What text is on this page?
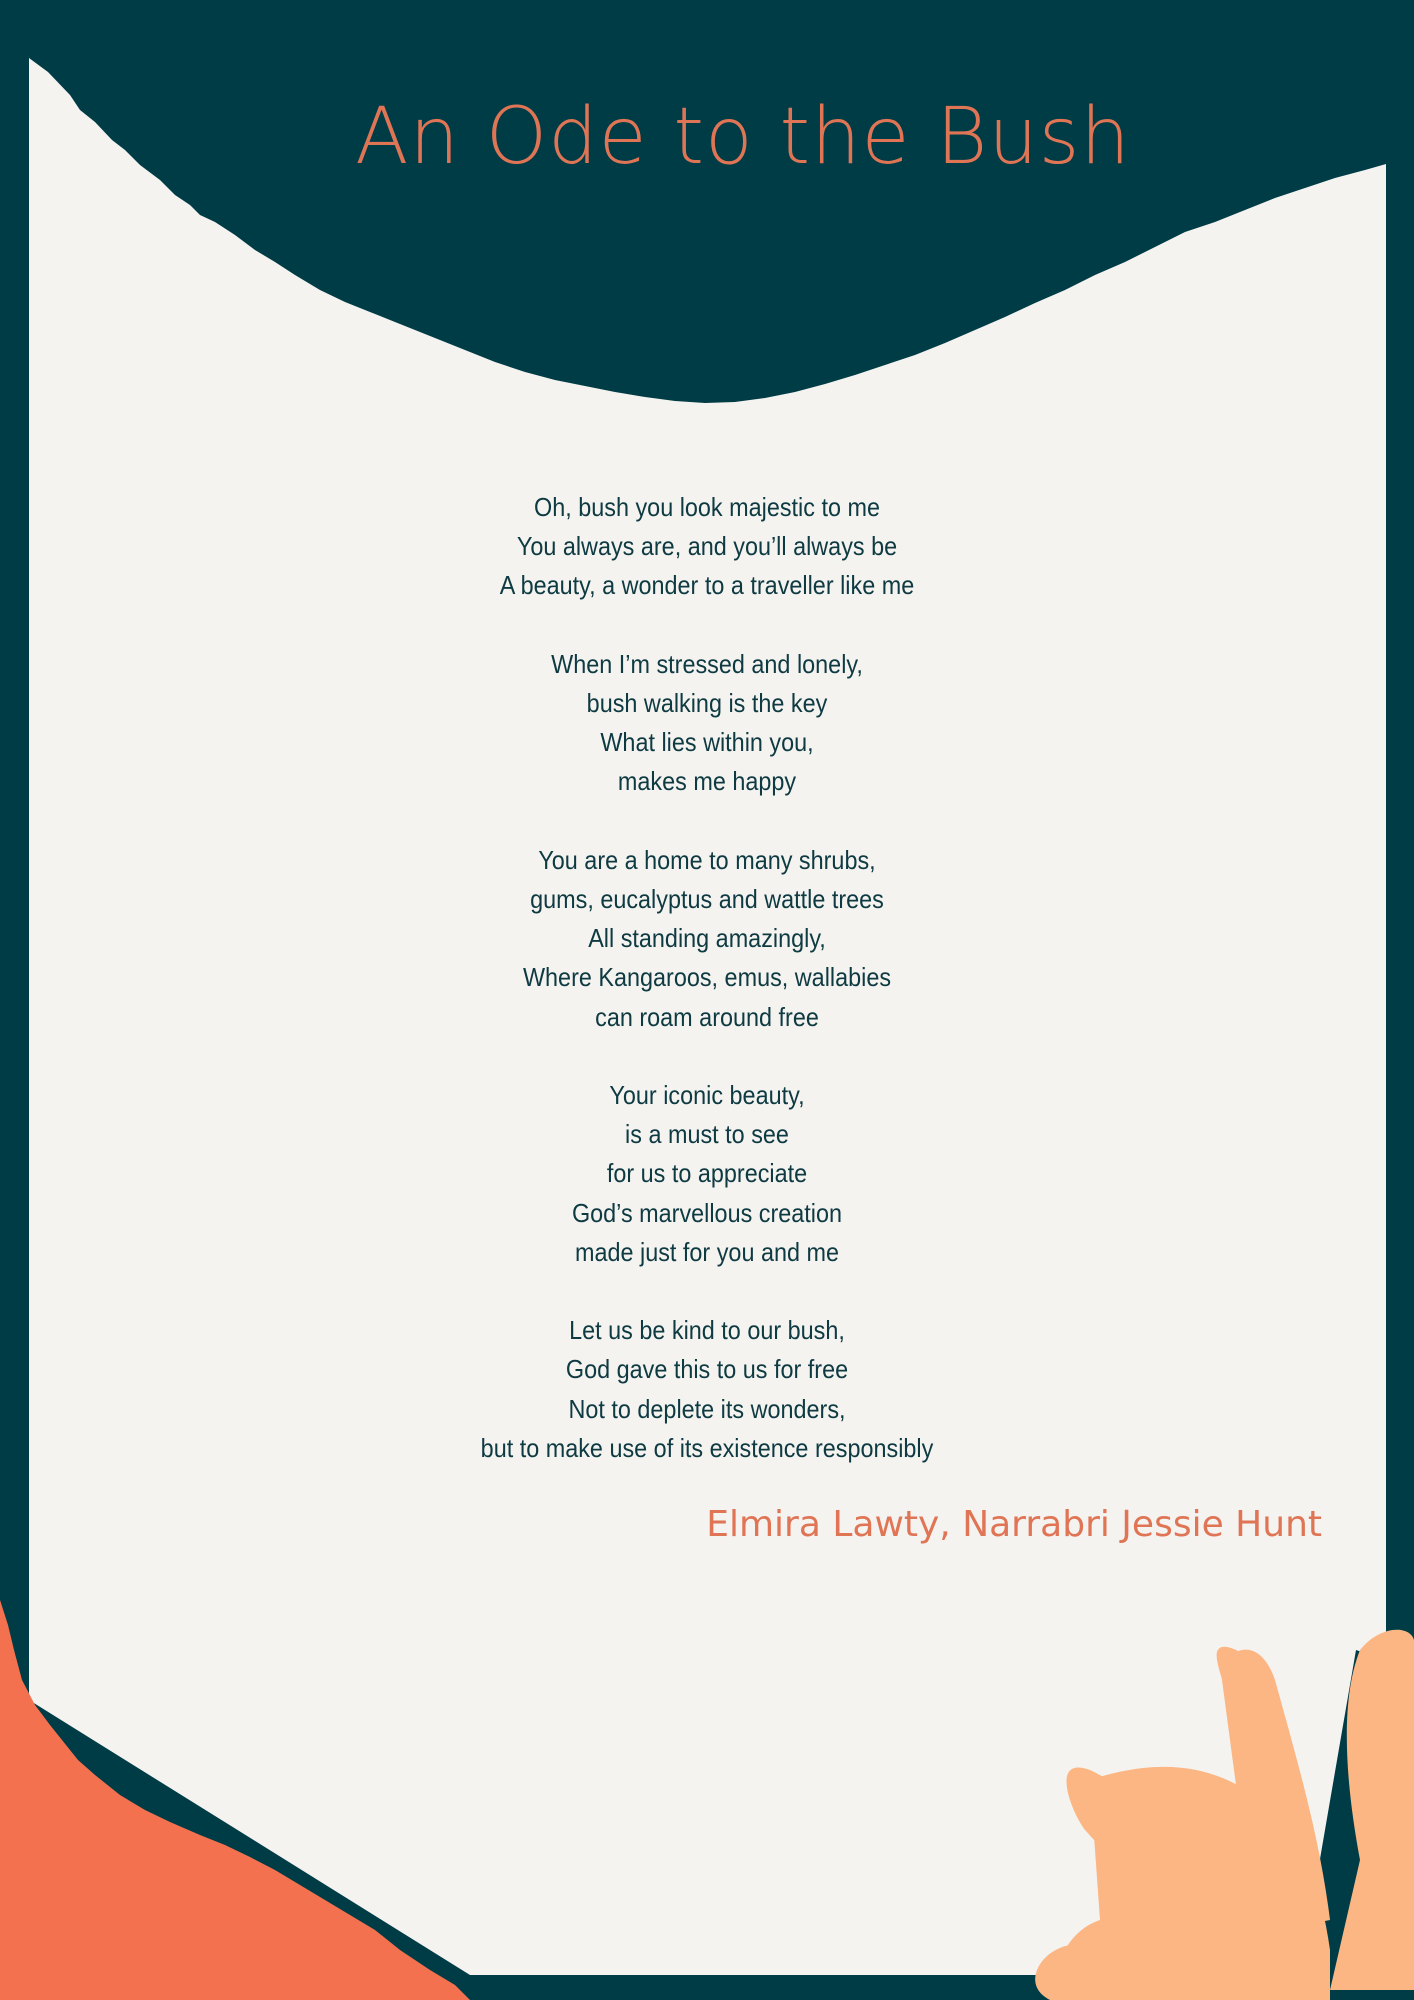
An Ode to the Bush
Oh, bush you look majestic to me
You always are, and you’ll always be
A beauty, a wonder to a traveller like me
When I’m stressed and lonely,
bush walking is the key
What lies within you,
makes me happy
You are a home to many shrubs,
gums, eucalyptus and wattle trees
All standing amazingly,
Where Kangaroos, emus, wallabies
can roam around free
Your iconic beauty,
is a must to see
for us to appreciate
God’s marvellous creation
made just for you and me
Let us be kind to our bush,
God gave this to us for free
Not to deplete its wonders,
but to make use of its existence responsibly

Elmira Lawty, Narrabri Jessie Hunt
